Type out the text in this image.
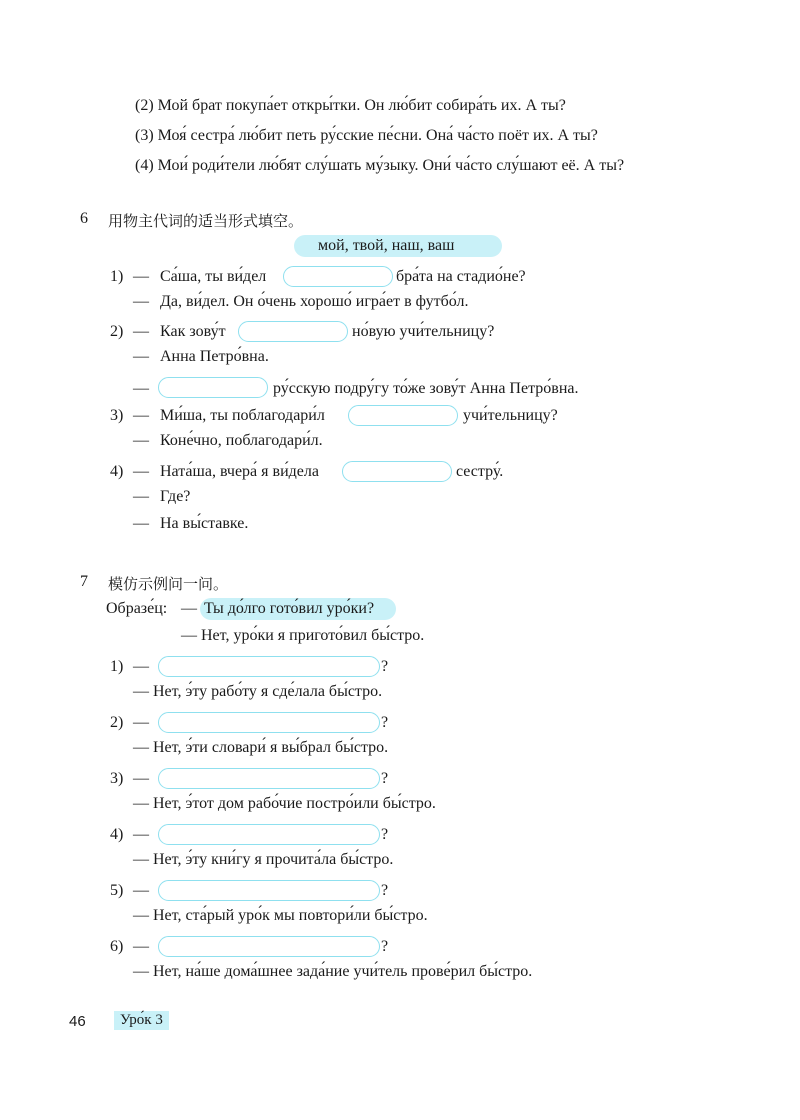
(2) Мой брат покупа́ет откры́тки. Он лю́бит собира́ть их. А ты?
(3) Моя́ сестра́ лю́бит петь ру́сские пе́сни. Она́ ча́сто поёт их. А ты?
(4) Мои́ роди́тели лю́бят слу́шать му́зыку. Они́ ча́сто слу́шают её. А ты?
6 用物主代词的适当形式填空。
мой, твой, наш, ваш
1) — Са́ша, ты ви́дел	бра́та на стадио́не?
— Да, ви́дел. Он о́чень хорошо́ игра́ет в футбо́л.
2) — Как зову́т	но́вую учи́тельницу?
— Анна Петро́вна.
—	ру́сскую подру́гу то́же зову́т Анна Петро́вна.
3) — Ми́ша, ты поблагодари́л	учи́тельницу?
— Коне́чно, поблагодари́л.
4) — Ната́ша, вчера́ я ви́дела	сестру́.
— Где?
— На вы́ставке.
7 模仿示例问一问。
Образе́ц: — Ты до́лго гото́вил уро́ки?
— Нет, уро́ки я пригото́вил бы́стро.
1) —	?
— Нет, э́ту рабо́ту я сде́лала бы́стро.
2) —	?
— Нет, э́ти словари́ я вы́брал бы́стро.
3) —	?
— Нет, э́тот дом рабо́чие постро́или бы́стро.
4) —	?
— Нет, э́ту кни́гу я прочита́ла бы́стро.
5) —	?
— Нет, ста́рый уро́к мы повтори́ли бы́стро.
6) —	?
— Нет, на́ше дома́шнее зада́ние учи́тель прове́рил бы́стро.
46	Уро́к 3
